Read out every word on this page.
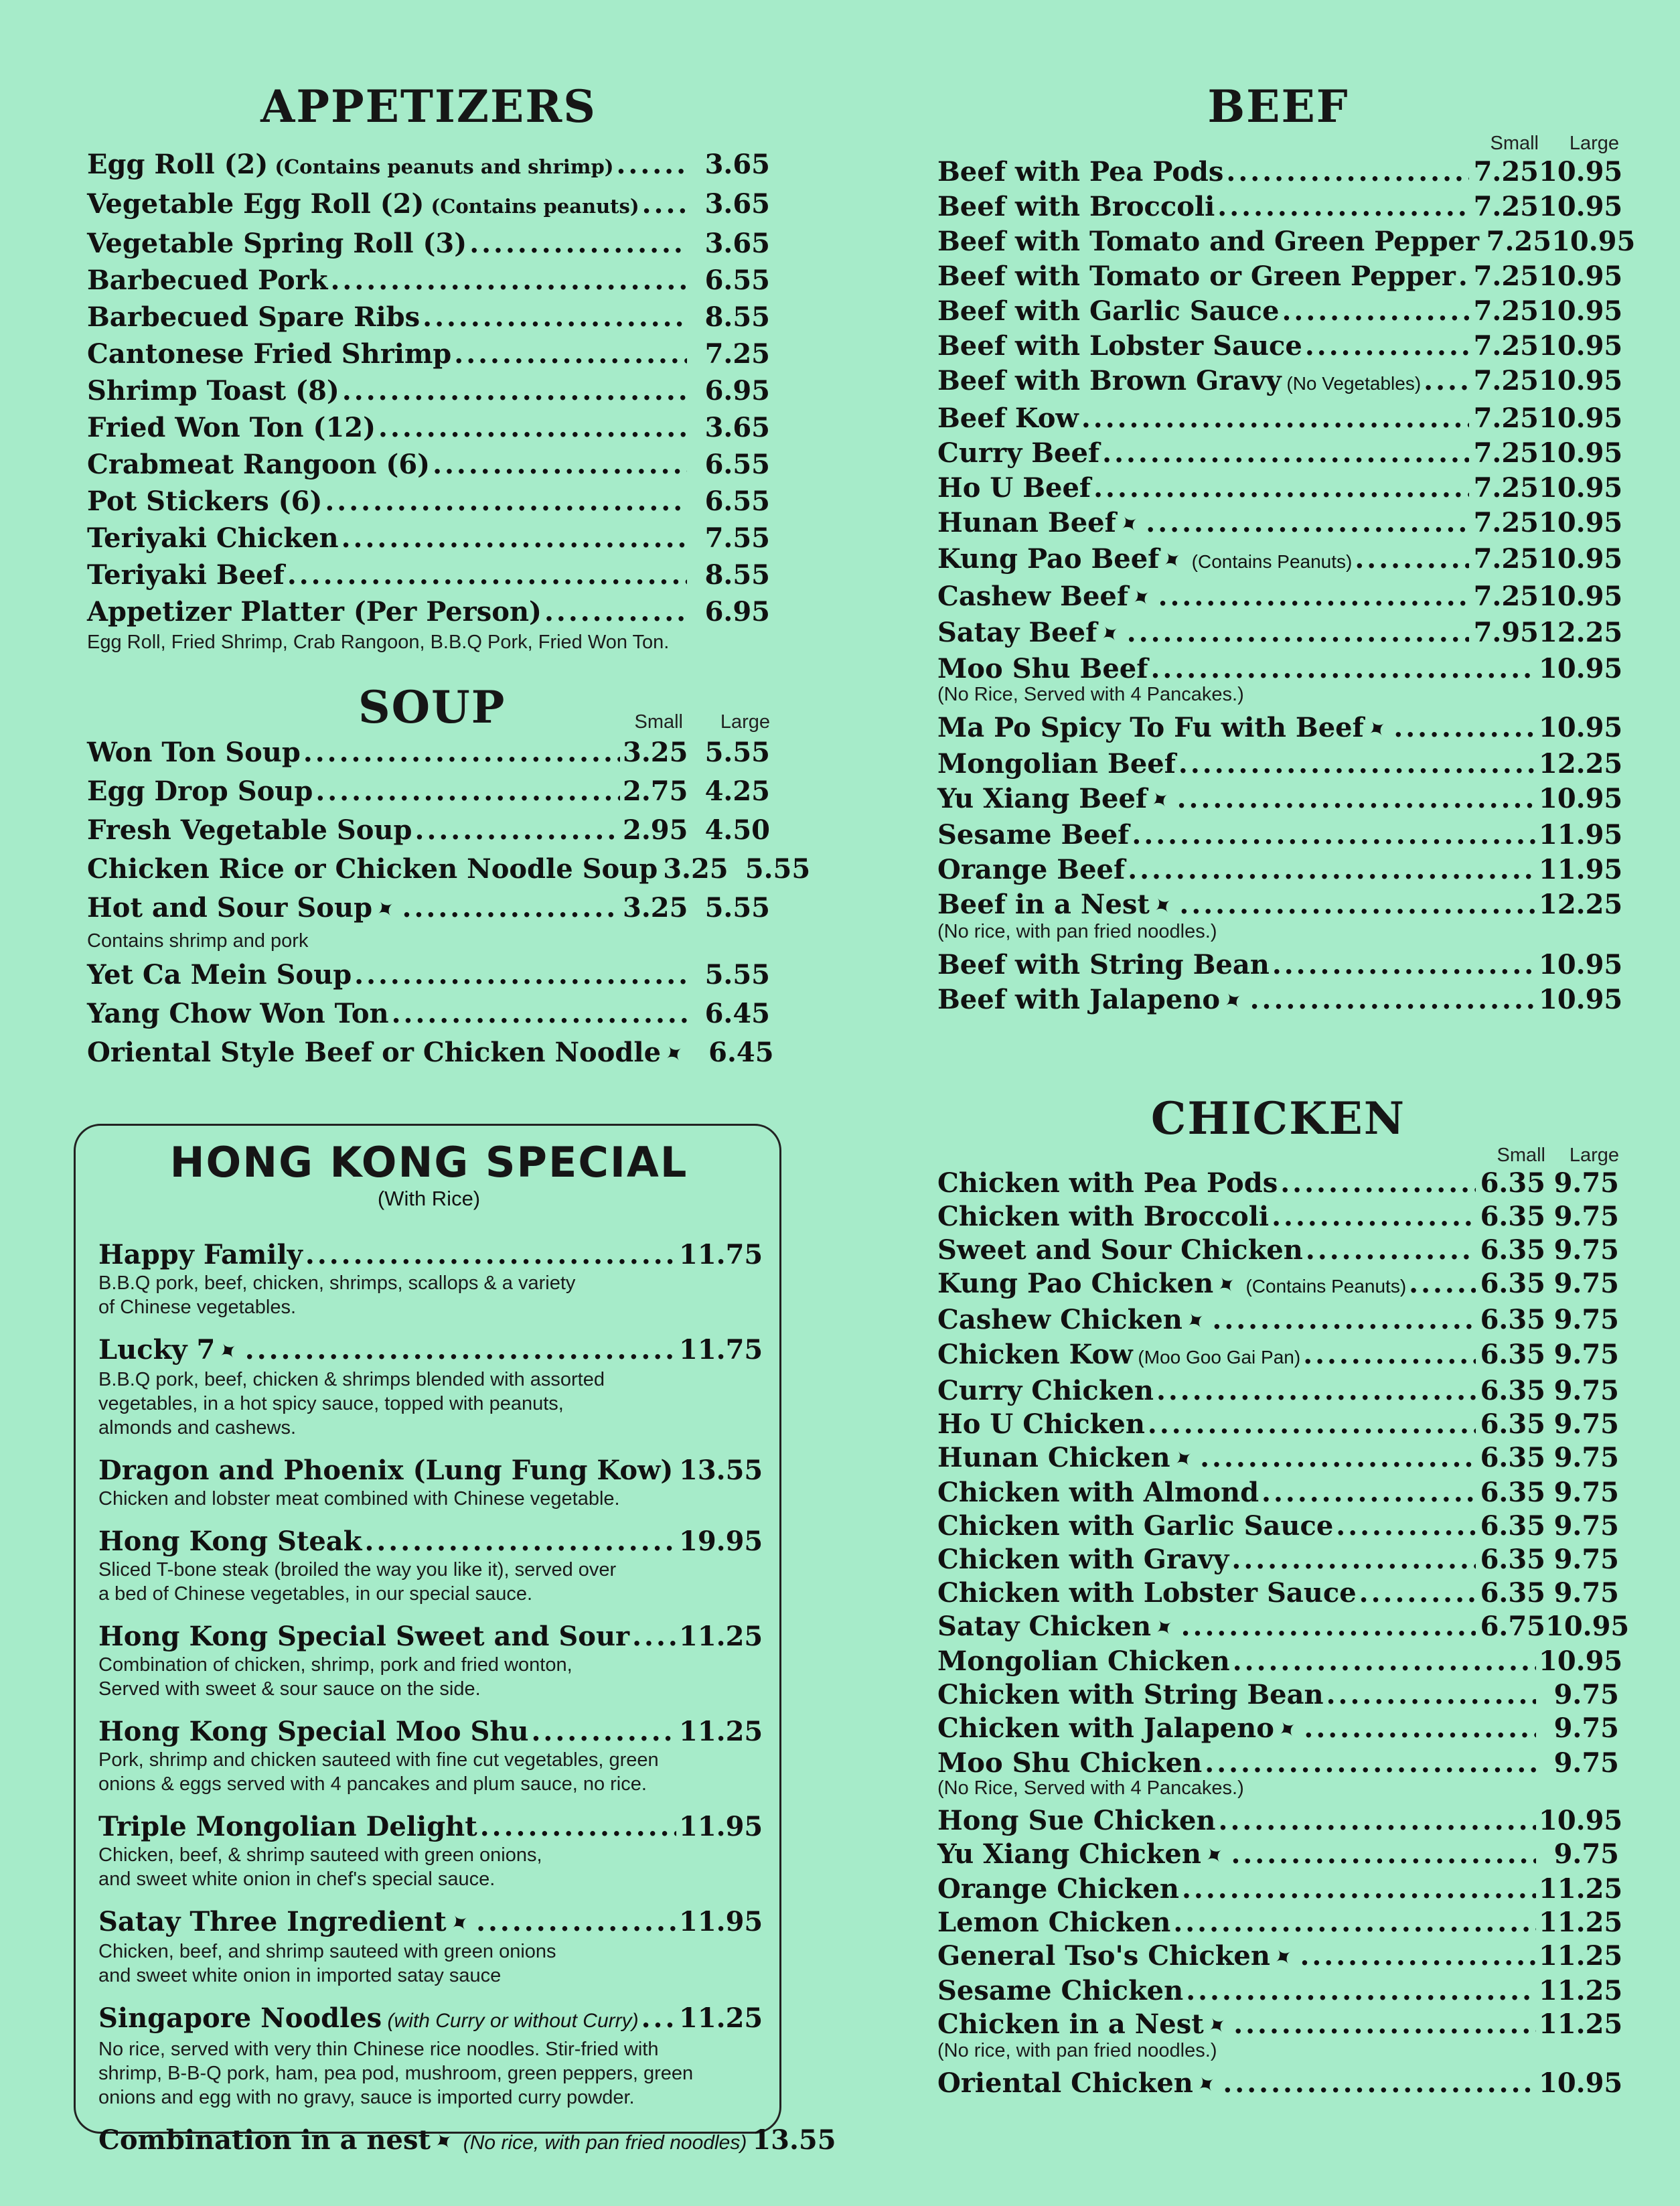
APPETIZERS
Egg Roll (2) (Contains peanuts and shrimp) .....	3.65
Vegetable Egg Roll (2) (Contains peanuts) .....	3.65
Vegetable Spring Roll (3) .....	3.65
Barbecued Pork .....	6.55
Barbecued Spare Ribs .....	8.55
Cantonese Fried Shrimp .....	7.25
Shrimp Toast (8) .....	6.95
Fried Won Ton (12) .....	3.65
Crabmeat Rangoon (6) .....	6.55
Pot Stickers (6) .....	6.55
Teriyaki Chicken .....	7.55
Teriyaki Beef .....	8.55
Appetizer Platter (Per Person) .....	6.95
Egg Roll, Fried Shrimp, Crab Rangoon, B.B.Q Pork, Fried Won Ton.
SOUP	Small	Large
Won Ton Soup .....	3.25 5.55
Egg Drop Soup .....	2.75 4.25
Fresh Vegetable Soup .....	2.95 4.50
Chicken Rice or Chicken Noodle Soup 3.25 5.55
Hot and Sour Soup✦ .....	3.25 5.55
Contains shrimp and pork
Yet Ca Mein Soup .....	5.55
Yang Chow Won Ton .....	6.45
Oriental Style Beef or Chicken Noodle✦ 6.45
HONG KONG SPECIAL
(With Rice)
Happy Family .....	11.75
B.B.Q pork, beef, chicken, shrimps, scallops & a variety
of Chinese vegetables.
Lucky 7✦ .....	11.75
B.B.Q pork, beef, chicken & shrimps blended with assorted
vegetables, in a hot spicy sauce, topped with peanuts,
almonds and cashews.
Dragon and Phoenix (Lung Fung Kow) ..... 13.55
Chicken and lobster meat combined with Chinese vegetable.
Hong Kong Steak .....	19.95
Sliced T-bone steak (broiled the way you like it), served over
a bed of Chinese vegetables, in our special sauce.
Hong Kong Special Sweet and Sour ..... 11.25
Combination of chicken, shrimp, pork and fried wonton,
Served with sweet & sour sauce on the side.
Hong Kong Special Moo Shu .....	11.25
Pork, shrimp and chicken sauteed with fine cut vegetables, green
onions & eggs served with 4 pancakes and plum sauce, no rice.
Triple Mongolian Delight .....	11.95
Chicken, beef, & shrimp sauteed with green onions,
and sweet white onion in chef's special sauce.
Satay Three Ingredient✦ .....	11.95
Chicken, beef, and shrimp sauteed with green onions
and sweet white onion in imported satay sauce
Singapore Noodles (with Curry or without Curry) ..... 11.25
No rice, served with very thin Chinese rice noodles. Stir-fried with
shrimp, B-B-Q pork, ham, pea pod, mushroom, green peppers, green
onions and egg with no gravy, sauce is imported curry powder.
Combination in a nest✦ (No rice, with pan fried noodles) 13.55
BEEF
Small	Large
Beef with Pea Pods .....	7.25 10.95
Beef with Broccoli .....	7.25 10.95
Beef with Tomato and Green Pepper 7.25 10.95
Beef with Tomato or Green Pepper ..... 7.25 10.95
Beef with Garlic Sauce .....	7.25 10.95
Beef with Lobster Sauce .....	7.25 10.95
Beef with Brown Gravy (No Vegetables) ..... 7.25 10.95
Beef Kow .....	7.25 10.95
Curry Beef .....	7.25 10.95
Ho U Beef .....	7.25 10.95
Hunan Beef✦ .....	7.25 10.95
Kung Pao Beef✦ (Contains Peanuts) .....	7.25 10.95
Cashew Beef✦ .....	7.25 10.95
Satay Beef✦ .....	7.95 12.25
Moo Shu Beef .....	10.95
(No Rice, Served with 4 Pancakes.)
Ma Po Spicy To Fu with Beef✦ .....	10.95
Mongolian Beef .....	12.25
Yu Xiang Beef✦ .....	10.95
Sesame Beef .....	11.95
Orange Beef .....	11.95
Beef in a Nest✦ .....	12.25
(No rice, with pan fried noodles.)
Beef with String Bean .....	10.95
Beef with Jalapeno✦ .....	10.95
CHICKEN
Small	Large
Chicken with Pea Pods .....	6.35 9.75
Chicken with Broccoli .....	6.35 9.75
Sweet and Sour Chicken .....	6.35 9.75
Kung Pao Chicken✦ (Contains Peanuts) .....	6.35 9.75
Cashew Chicken✦ .....	6.35 9.75
Chicken Kow (Moo Goo Gai Pan) .....	6.35 9.75
Curry Chicken .....	6.35 9.75
Ho U Chicken .....	6.35 9.75
Hunan Chicken✦ .....	6.35 9.75
Chicken with Almond .....	6.35 9.75
Chicken with Garlic Sauce .....	6.35 9.75
Chicken with Gravy .....	6.35 9.75
Chicken with Lobster Sauce .....	6.35 9.75
Satay Chicken✦ .....	6.75 10.95
Mongolian Chicken .....	10.95
Chicken with String Bean .....	9.75
Chicken with Jalapeno✦ .....	9.75
Moo Shu Chicken .....	9.75
(No Rice, Served with 4 Pancakes.)
Hong Sue Chicken .....	10.95
Yu Xiang Chicken✦ .....	9.75
Orange Chicken .....	11.25
Lemon Chicken .....	11.25
General Tso's Chicken✦ .....	11.25
Sesame Chicken .....	11.25
Chicken in a Nest✦ .....	11.25
(No rice, with pan fried noodles.)
Oriental Chicken✦ .....	10.95
